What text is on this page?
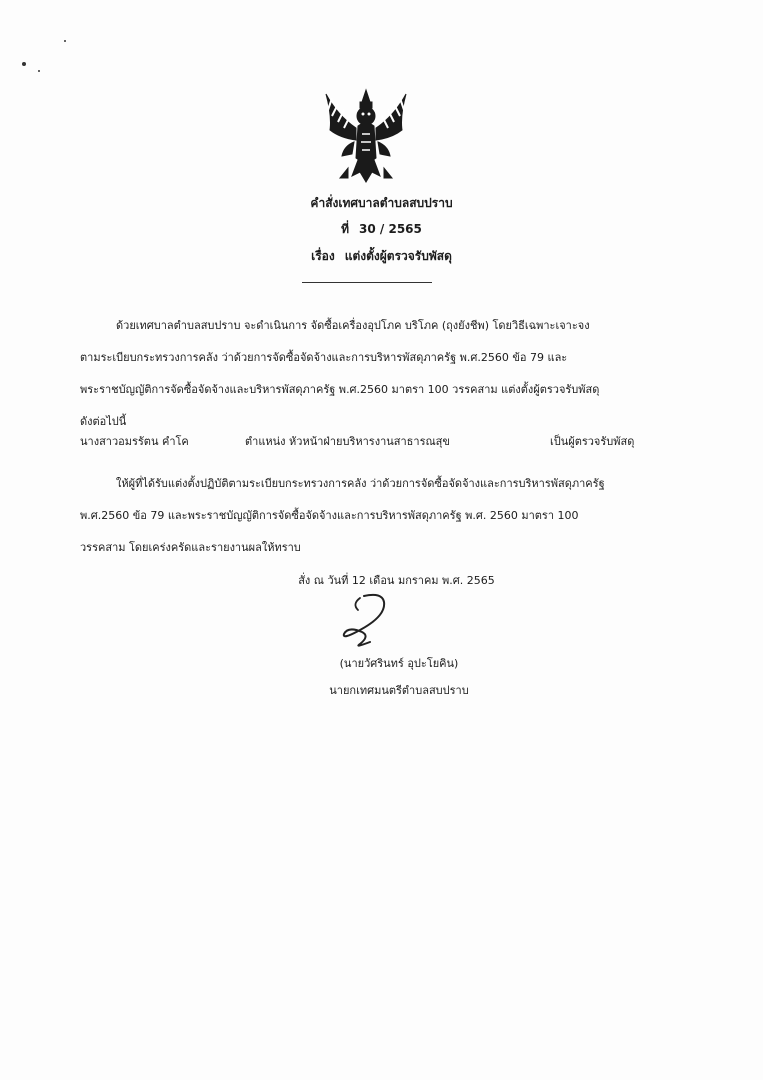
คำสั่งเทศบาลตำบลสบปราบ
ที่ 30 / 2565
เรื่อง แต่งตั้งผู้ตรวจรับพัสดุ
ด้วยเทศบาลตำบลสบปราบ จะดำเนินการ จัดซื้อเครื่องอุปโภค บริโภค (ถุงยังชีพ) โดยวิธีเฉพาะเจาะจง
ตามระเบียบกระทรวงการคลัง ว่าด้วยการจัดซื้อจัดจ้างและการบริหารพัสดุภาครัฐ พ.ศ.2560 ข้อ 79 และ
พระราชบัญญัติการจัดซื้อจัดจ้างและบริหารพัสดุภาครัฐ พ.ศ.2560 มาตรา 100 วรรคสาม แต่งตั้งผู้ตรวจรับพัสดุ
ดังต่อไปนี้
นางสาวอมรรัตน คำโค	ตำแหน่ง หัวหน้าฝ่ายบริหารงานสาธารณสุข	เป็นผู้ตรวจรับพัสดุ
ให้ผู้ที่ได้รับแต่งตั้งปฏิบัติตามระเบียบกระทรวงการคลัง ว่าด้วยการจัดซื้อจัดจ้างและการบริหารพัสดุภาครัฐ
พ.ศ.2560 ข้อ 79 และพระราชบัญญัติการจัดซื้อจัดจ้างและการบริหารพัสดุภาครัฐ พ.ศ. 2560 มาตรา 100
วรรคสาม โดยเคร่งครัดและรายงานผลให้ทราบ
สั่ง ณ วันที่ 12 เดือน มกราคม พ.ศ. 2565
(นายวัศรินทร์ อุปะโยคิน)
นายกเทศมนตรีตำบลสบปราบ
